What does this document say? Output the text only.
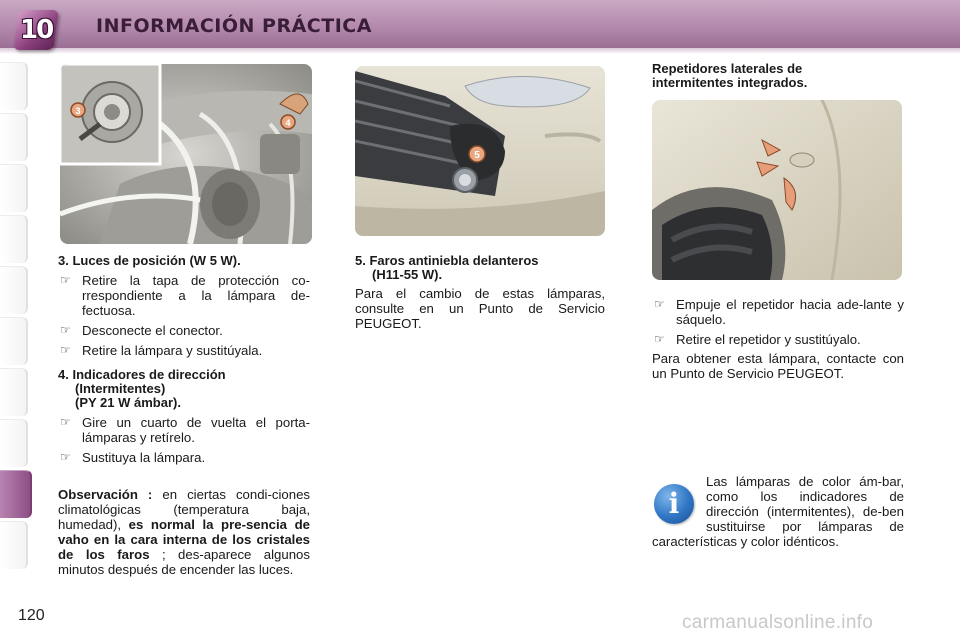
10 INFORMACIÓN PRÁCTICA
3
4
5
3. Luces de posición (W 5 W).
☞ Retire la tapa de protección co-rrespondiente a la lámpara de-fectuosa.
☞ Desconecte el conector.
☞ Retire la lámpara y sustitúyala.
4. Indicadores de dirección
(Intermitentes)
(PY 21 W ámbar).
☞ Gire un cuarto de vuelta el porta-lámparas y retírelo.
☞ Sustituya la lámpara.
Observación : en ciertas condi-ciones climatológicas (temperatura baja, humedad), es normal la pre-sencia de vaho en la cara interna de los cristales de los faros ; des-aparece algunos minutos después de encender las luces.
5. Faros antiniebla delanteros
(H11-55 W).
Para el cambio de estas lámparas, consulte en un Punto de Servicio PEUGEOT.
Repetidores laterales de
intermitentes integrados.
☞ Empuje el repetidor hacia ade-lante y sáquelo.
☞ Retire el repetidor y sustitúyalo.
Para obtener esta lámpara, contacte con un Punto de Servicio PEUGEOT.
i
Las lámparas de color ám-bar, como los indicadores de dirección (intermitentes), de-ben sustituirse por lámparas de características y color idénticos.
120	carmanualsonline.info
